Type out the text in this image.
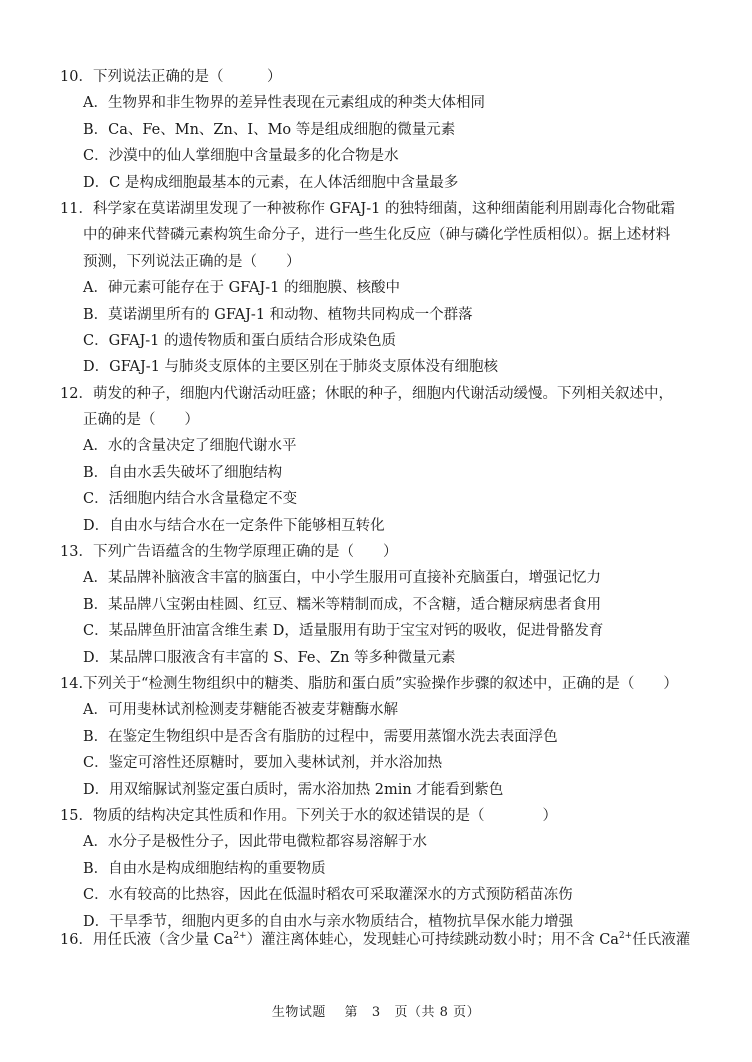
10．下列说法正确的是（　　　）
A．生物界和非生物界的差异性表现在元素组成的种类大体相同
B．Ca、Fe、Mn、Zn、I、Mo 等是组成细胞的微量元素
C．沙漠中的仙人掌细胞中含量最多的化合物是水
D．C 是构成细胞最基本的元素，在人体活细胞中含量最多
11．科学家在莫诺湖里发现了一种被称作 GFAJ-1 的独特细菌，这种细菌能利用剧毒化合物砒霜
中的砷来代替磷元素构筑生命分子，进行一些生化反应（砷与磷化学性质相似）。据上述材料
预测，下列说法正确的是（　　）
A．砷元素可能存在于 GFAJ-1 的细胞膜、核酸中
B．莫诺湖里所有的 GFAJ-1 和动物、植物共同构成一个群落
C．GFAJ-1 的遗传物质和蛋白质结合形成染色质
D．GFAJ-1 与肺炎支原体的主要区别在于肺炎支原体没有细胞核
12．萌发的种子，细胞内代谢活动旺盛；休眠的种子，细胞内代谢活动缓慢。下列相关叙述中，
正确的是（　　）
A．水的含量决定了细胞代谢水平
B．自由水丢失破坏了细胞结构
C．活细胞内结合水含量稳定不变
D．自由水与结合水在一定条件下能够相互转化
13．下列广告语蕴含的生物学原理正确的是（　　）
A．某品牌补脑液含丰富的脑蛋白，中小学生服用可直接补充脑蛋白，增强记忆力
B．某品牌八宝粥由桂圆、红豆、糯米等精制而成，不含糖，适合糖尿病患者食用
C．某品牌鱼肝油富含维生素 D，适量服用有助于宝宝对钙的吸收，促进骨骼发育
D．某品牌口服液含有丰富的 S、Fe、Zn 等多种微量元素
14.下列关于“检测生物组织中的糖类、脂肪和蛋白质”实验操作步骤的叙述中，正确的是（　　）
A．可用斐林试剂检测麦芽糖能否被麦芽糖酶水解
B．在鉴定生物组织中是否含有脂肪的过程中，需要用蒸馏水洗去表面浮色
C．鉴定可溶性还原糖时，要加入斐林试剂，并水浴加热
D．用双缩脲试剂鉴定蛋白质时，需水浴加热 2min 才能看到紫色
15．物质的结构决定其性质和作用。下列关于水的叙述错误的是（　　　　）
A．水分子是极性分子，因此带电微粒都容易溶解于水
B．自由水是构成细胞结构的重要物质
C．水有较高的比热容，因此在低温时稻农可采取灌深水的方式预防稻苗冻伤
D．干旱季节，细胞内更多的自由水与亲水物质结合，植物抗旱保水能力增强
16．用任氏液（含少量 $Ca^{2+}$）灌注离体蛙心，发现蛙心可持续跳动数小时；用不含 $Ca^{2+}$任氏液灌
生物试题 第 3 页（共 8 页）
